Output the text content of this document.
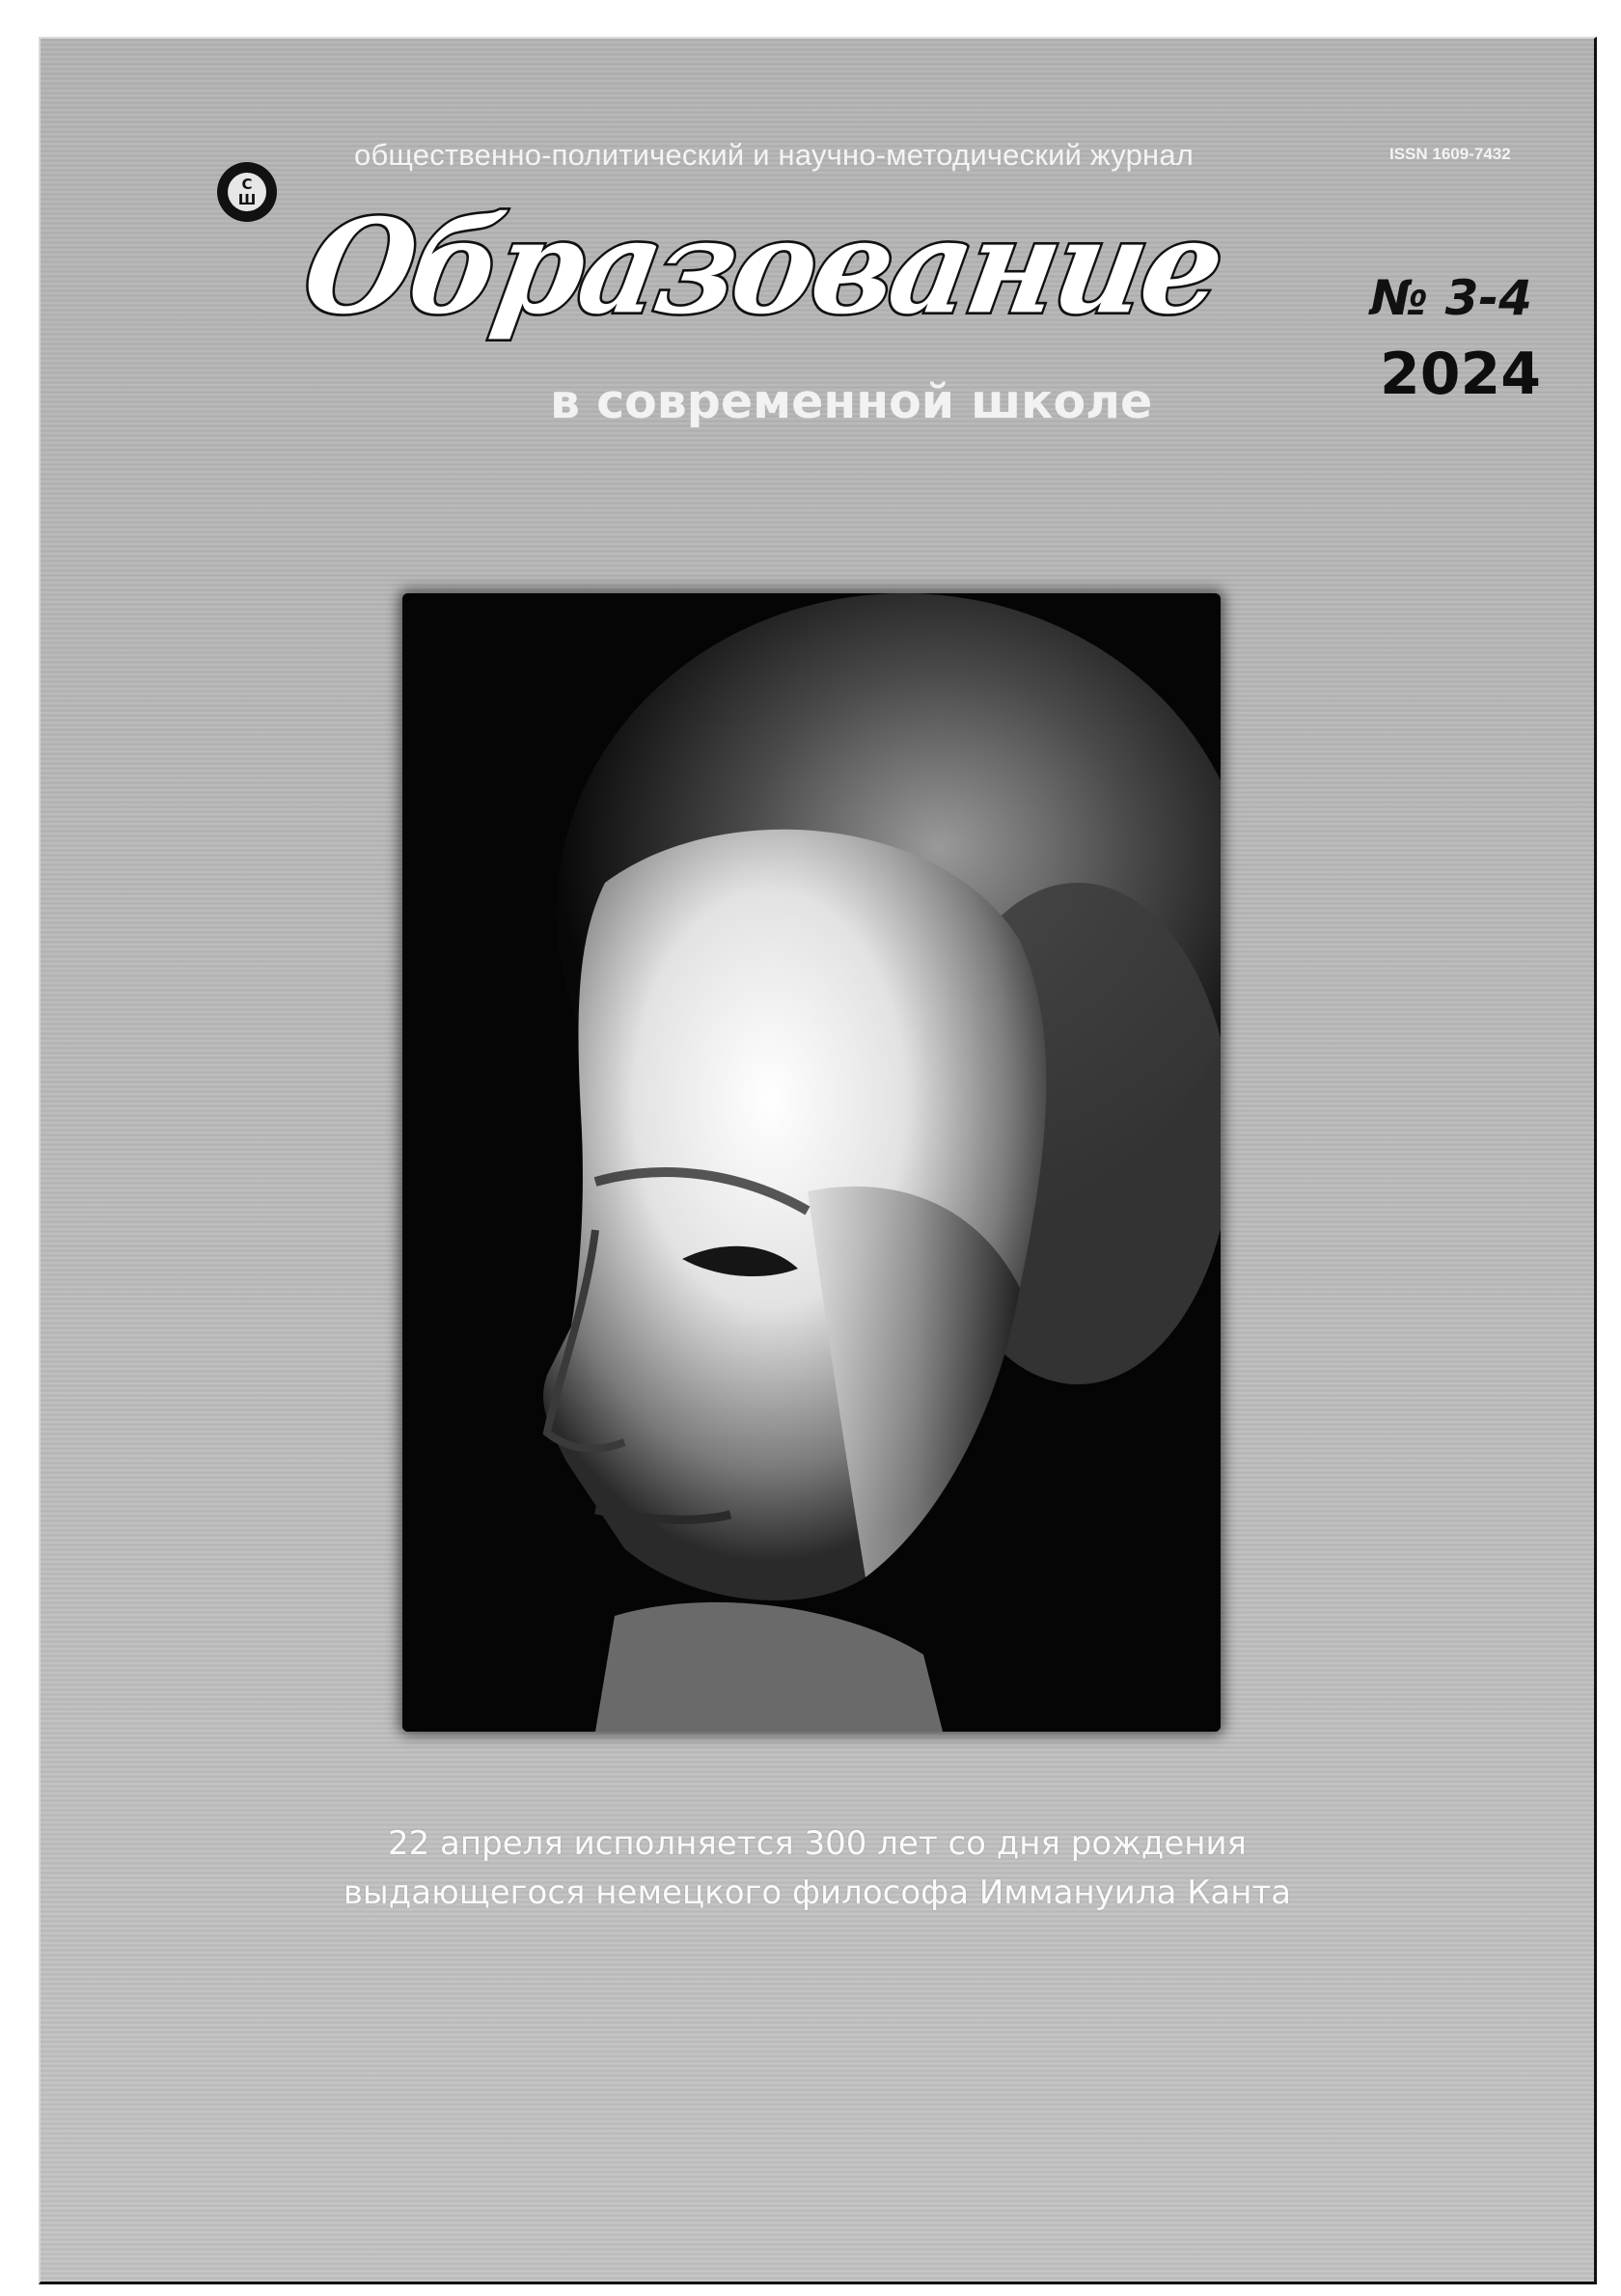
С
Ш
общественно-политический и научно-методический журнал	ISSN 1609-7432
Образование
в современной школе
№ 3-4
2024
22 апреля исполняется 300 лет со дня рождения
выдающегося немецкого философа Иммануила Канта
